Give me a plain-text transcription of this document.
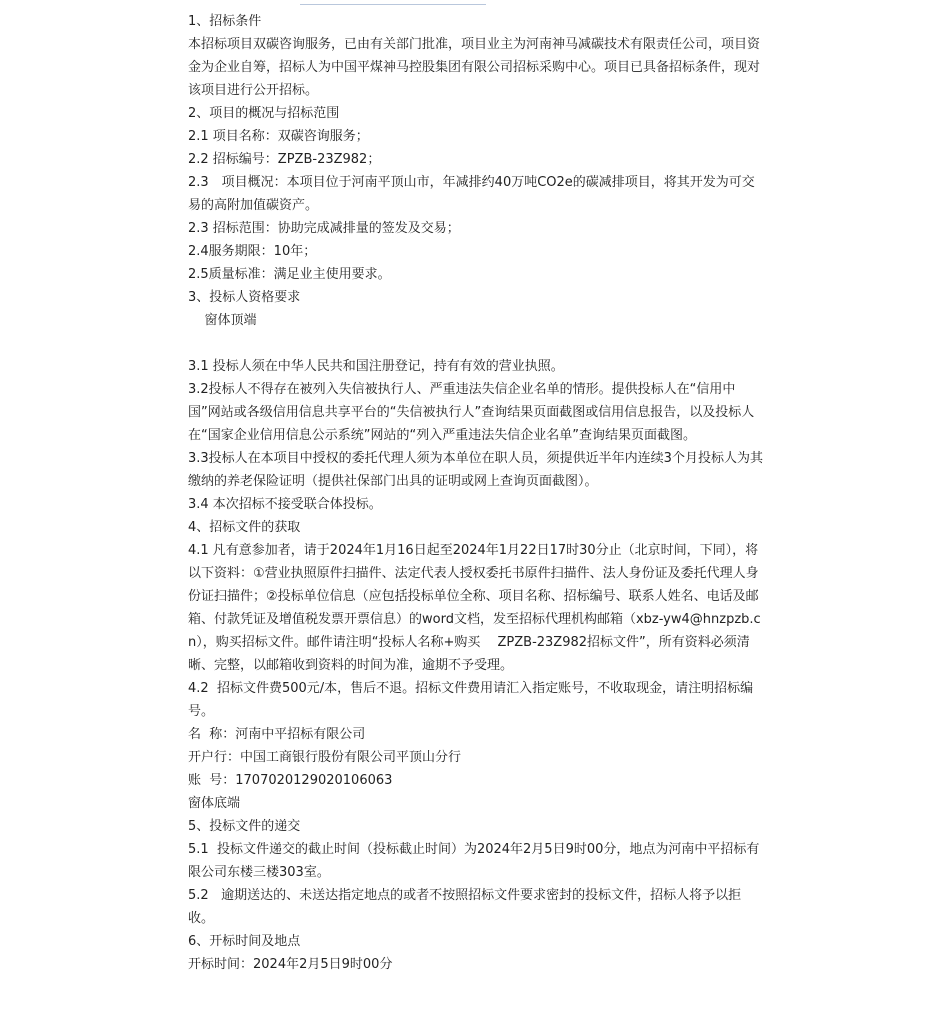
1、招标条件

本招标项目双碳咨询服务，已由有关部门批准，项目业主为河南神马减碳技术有限责任公司，项目资金为企业自筹，招标人为中国平煤神马控股集团有限公司招标采购中心。项目已具备招标条件，现对该项目进行公开招标。

2、项目的概况与招标范围

2.1 项目名称：双碳咨询服务；

2.2 招标编号：ZPZB-23Z982；

2.3　项目概况：本项目位于河南平顶山市，年减排约40万吨CO2e的碳减排项目，将其开发为可交易的高附加值碳资产。

2.3 招标范围：协助完成减排量的签发及交易；

2.4服务期限：10年；

2.5质量标准：满足业主使用要求。

3、投标人资格要求

窗体顶端

3.1 投标人须在中华人民共和国注册登记，持有有效的营业执照。

3.2投标人不得存在被列入失信被执行人、严重违法失信企业名单的情形。提供投标人在“信用中国”网站或各级信用信息共享平台的“失信被执行人”查询结果页面截图或信用信息报告，以及投标人在“国家企业信用信息公示系统”网站的“列入严重违法失信企业名单”查询结果页面截图。

3.3投标人在本项目中授权的委托代理人须为本单位在职人员，须提供近半年内连续3个月投标人为其缴纳的养老保险证明（提供社保部门出具的证明或网上查询页面截图）。

3.4 本次招标不接受联合体投标。

4、招标文件的获取

4.1 凡有意参加者，请于2024年1月16日起至2024年1月22日17时30分止（北京时间，下同），将以下资料：①营业执照原件扫描件、法定代表人授权委托书原件扫描件、法人身份证及委托代理人身份证扫描件；②投标单位信息（应包括投标单位全称、项目名称、招标编号、联系人姓名、电话及邮箱、付款凭证及增值税发票开票信息）的word文档，发至招标代理机构邮箱（xbz-yw4@hnzpzb.cn），购买招标文件。邮件请注明“投标人名称+购买　 ZPZB-23Z982招标文件”，所有资料必须清晰、完整，以邮箱收到资料的时间为准，逾期不予受理。

4.2  招标文件费500元/本，售后不退。招标文件费用请汇入指定账号，不收取现金，请注明招标编号。

名  称：河南中平招标有限公司

开户行：中国工商银行股份有限公司平顶山分行

账  号：1707020129020106063

窗体底端

5、投标文件的递交

5.1  投标文件递交的截止时间（投标截止时间）为2024年2月5日9时00分，地点为河南中平招标有限公司东楼三楼303室。

5.2   逾期送达的、未送达指定地点的或者不按照招标文件要求密封的投标文件，招标人将予以拒收。

6、开标时间及地点

开标时间：2024年2月5日9时00分
